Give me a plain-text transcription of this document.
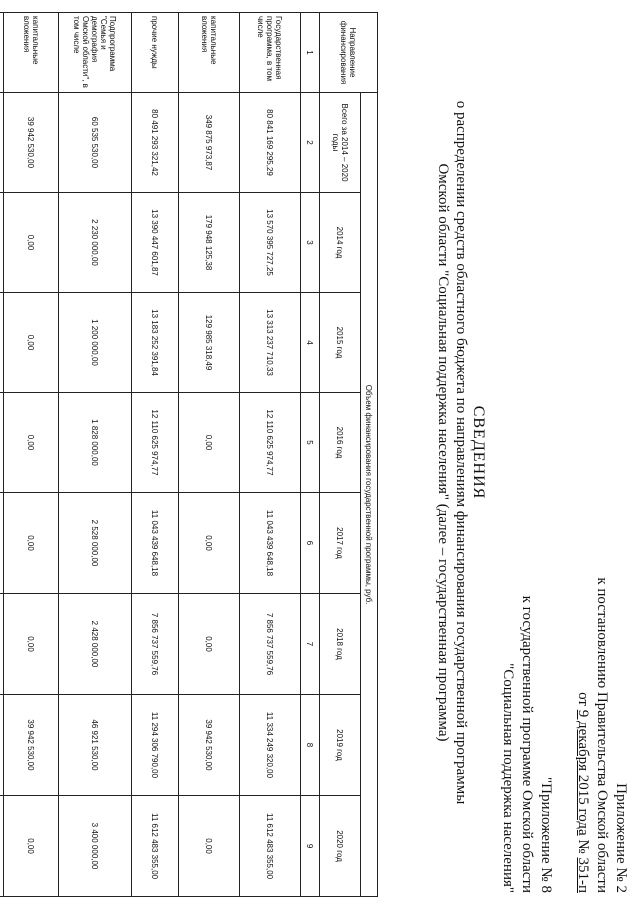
Приложение № 2
к постановлению Правительства Омской области
от 9 декабря 2015 года № 351-п
"Приложение № 8
к государственной программе Омской области
"Социальная поддержка населения"
СВЕДЕНИЯ
о распределении средств областного бюджета по направлениям финансирования государственной программы
Омской области "Социальная поддержка населения" (далее – государственная программа)
Направление финансирования	Объем финансирования государственной программы, руб.							
	Всего за 2014 – 2020 годы	2014 год	2015 год	2016 год	2017 год	2018 год	2019 год	2020 год
1	2	3	4	5	6	7	8	9
Государственная программа, в том числе	80 841 169 295,29	13 570 395 727,25	13 313 237 710,33	12 110 625 974,77	11 043 439 648,18	7 856 737 559,76	11 334 249 320,00	11 612 483 355,00
капитальные вложения	349 875 973,87	179 948 125,38	129 985 318,49	0,00	0,00	0,00	39 942 530,00	0,00
прочие нужды	80 491 293 321,42	13 390 447 601,87	13 183 252 391,84	12 110 625 974,77	11 043 439 648,18	7 856 737 559,76	11 294 306 790,00	11 612 483 355,00
Подпрограмма "Семья и демография Омской области", в том числе	60 535 530,00	2 230 000,00	1 200 000,00	1 828 000,00	2 528 000,00	2 428 000,00	46 921 530,00	3 400 000,00
капитальные вложения	39 942 530,00	0,00	0,00	0,00	0,00	0,00	39 942 530,00	0,00
